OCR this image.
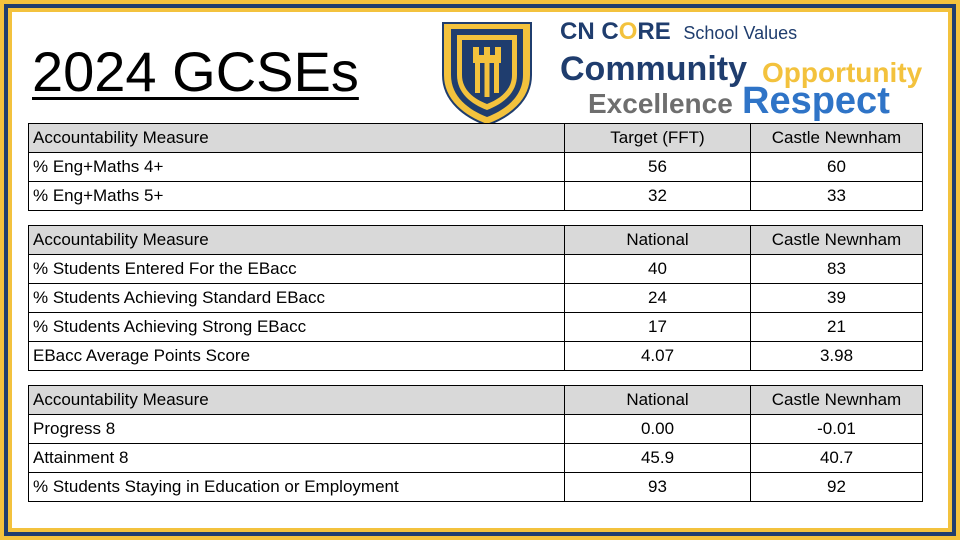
2024 GCSEs
CN CORE School Values
Community Opportunity
Excellence Respect
Accountability Measure	Target (FFT)	Castle Newnham
% Eng+Maths 4+	56	60
% Eng+Maths 5+	32	33
Accountability Measure	National	Castle Newnham
% Students Entered For the EBacc	40	83
% Students Achieving Standard EBacc	24	39
% Students Achieving Strong EBacc	17	21
EBacc Average Points Score	4.07	3.98
Accountability Measure	National	Castle Newnham
Progress 8	0.00	-0.01
Attainment 8	45.9	40.7
% Students Staying in Education or Employment	93	92
